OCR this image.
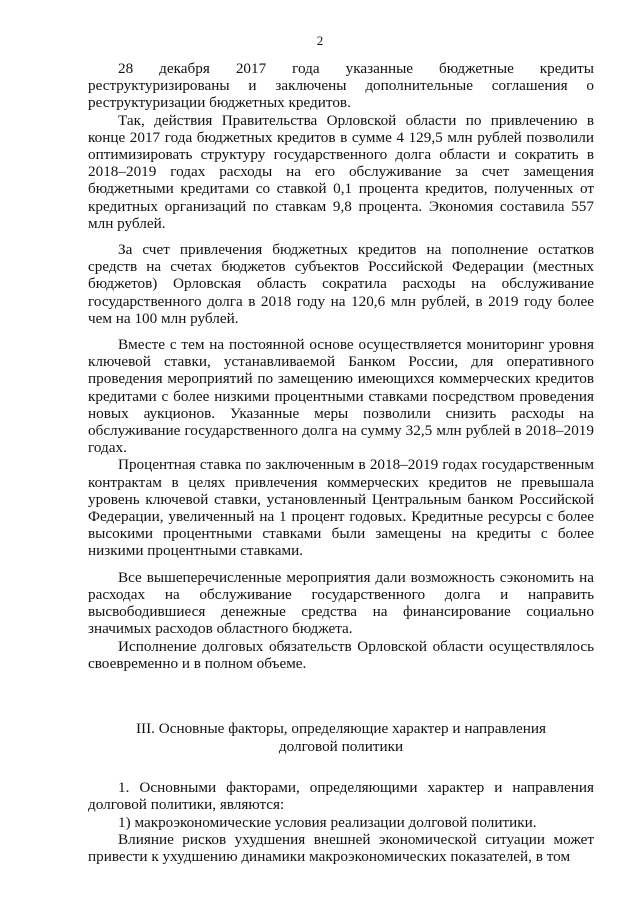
2

28 декабря 2017 года указанные бюджетные кредиты реструктуризированы и заключены дополнительные соглашения о реструктуризации бюджетных кредитов.

Так, действия Правительства Орловской области по привлечению в конце 2017 года бюджетных кредитов в сумме 4 129,5 млн рублей позволили оптимизировать структуру государственного долга области и сократить в 2018–2019 годах расходы на его обслуживание за счет замещения бюджетными кредитами со ставкой 0,1 процента кредитов, полученных от кредитных организаций по ставкам 9,8 процента. Экономия составила 557 млн рублей.

За счет привлечения бюджетных кредитов на пополнение остатков средств на счетах бюджетов субъектов Российской Федерации (местных бюджетов) Орловская область сократила расходы на обслуживание государственного долга в 2018 году на 120,6 млн рублей, в 2019 году более чем на 100 млн рублей.

Вместе с тем на постоянной основе осуществляется мониторинг уровня ключевой ставки, устанавливаемой Банком России, для оперативного проведения мероприятий по замещению имеющихся коммерческих кредитов кредитами с более низкими процентными ставками посредством проведения новых аукционов. Указанные меры позволили снизить расходы на обслуживание государственного долга на сумму 32,5 млн рублей в 2018–2019 годах.

Процентная ставка по заключенным в 2018–2019 годах государственным контрактам в целях привлечения коммерческих кредитов не превышала уровень ключевой ставки, установленный Центральным банком Российской Федерации, увеличенный на 1 процент годовых. Кредитные ресурсы с более высокими процентными ставками были замещены на кредиты с более низкими процентными ставками.

Все вышеперечисленные мероприятия дали возможность сэкономить на расходах на обслуживание государственного долга и направить высвободившиеся денежные средства на финансирование социально значимых расходов областного бюджета.

Исполнение долговых обязательств Орловской области осуществлялось своевременно и в полном объеме.

III. Основные факторы, определяющие характер и направления
долговой политики

1. Основными факторами, определяющими характер и направления долговой политики, являются:

1) макроэкономические условия реализации долговой политики.

Влияние рисков ухудшения внешней экономической ситуации может привести к ухудшению динамики макроэкономических показателей, в том
